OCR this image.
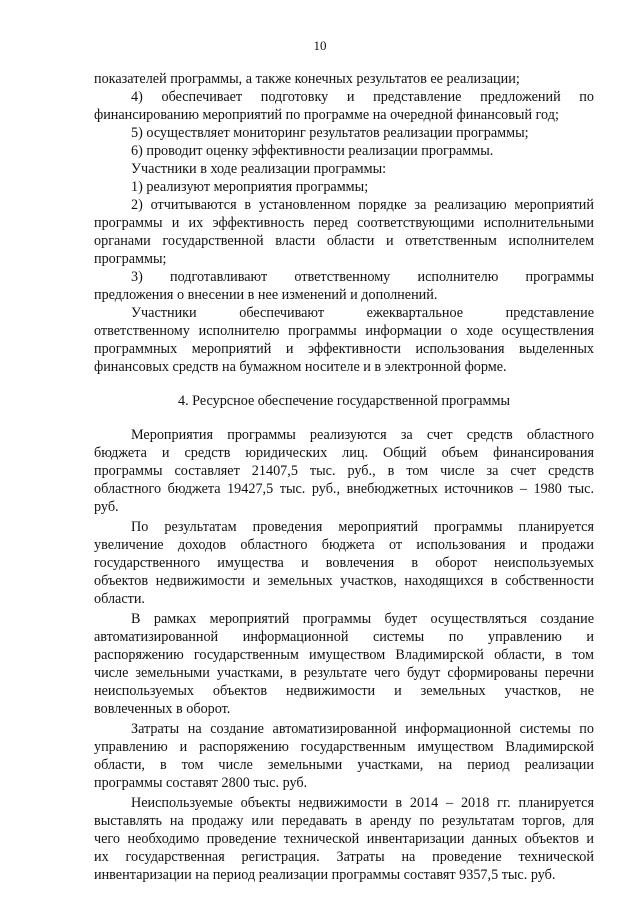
10
показателей программы, а также конечных результатов ее реализации;
4) обеспечивает подготовку и представление предложений по
финансированию мероприятий по программе на очередной финансовый год;
5) осуществляет мониторинг результатов реализации программы;
6) проводит оценку эффективности реализации программы.
Участники в ходе реализации программы:
1) реализуют мероприятия программы;
2) отчитываются в установленном порядке за реализацию мероприятий
программы и их эффективность перед соответствующими исполнительными
органами государственной власти области и ответственным исполнителем
программы;
3) подготавливают ответственному исполнителю программы
предложения о внесении в нее изменений и дополнений.
Участники обеспечивают ежеквартальное представление
ответственному исполнителю программы информации о ходе осуществления
программных мероприятий и эффективности использования выделенных
финансовых средств на бумажном носителе и в электронной форме.
4. Ресурсное обеспечение государственной программы
Мероприятия программы реализуются за счет средств областного
бюджета и средств юридических лиц. Общий объем финансирования
программы составляет 21407,5 тыс. руб., в том числе за счет средств
областного бюджета 19427,5 тыс. руб., внебюджетных источников – 1980 тыс.
руб.
По результатам проведения мероприятий программы планируется
увеличение доходов областного бюджета от использования и продажи
государственного имущества и вовлечения в оборот неиспользуемых
объектов недвижимости и земельных участков, находящихся в собственности
области.
В рамках мероприятий программы будет осуществляться создание
автоматизированной информационной системы по управлению и
распоряжению государственным имуществом Владимирской области, в том
числе земельными участками, в результате чего будут сформированы перечни
неиспользуемых объектов недвижимости и земельных участков, не
вовлеченных в оборот.
Затраты на создание автоматизированной информационной системы по
управлению и распоряжению государственным имуществом Владимирской
области, в том числе земельными участками, на период реализации
программы составят 2800 тыс. руб.
Неиспользуемые объекты недвижимости в 2014 – 2018 гг. планируется
выставлять на продажу или передавать в аренду по результатам торгов, для
чего необходимо проведение технической инвентаризации данных объектов и
их государственная регистрация. Затраты на проведение технической
инвентаризации на период реализации программы составят 9357,5 тыс. руб.
